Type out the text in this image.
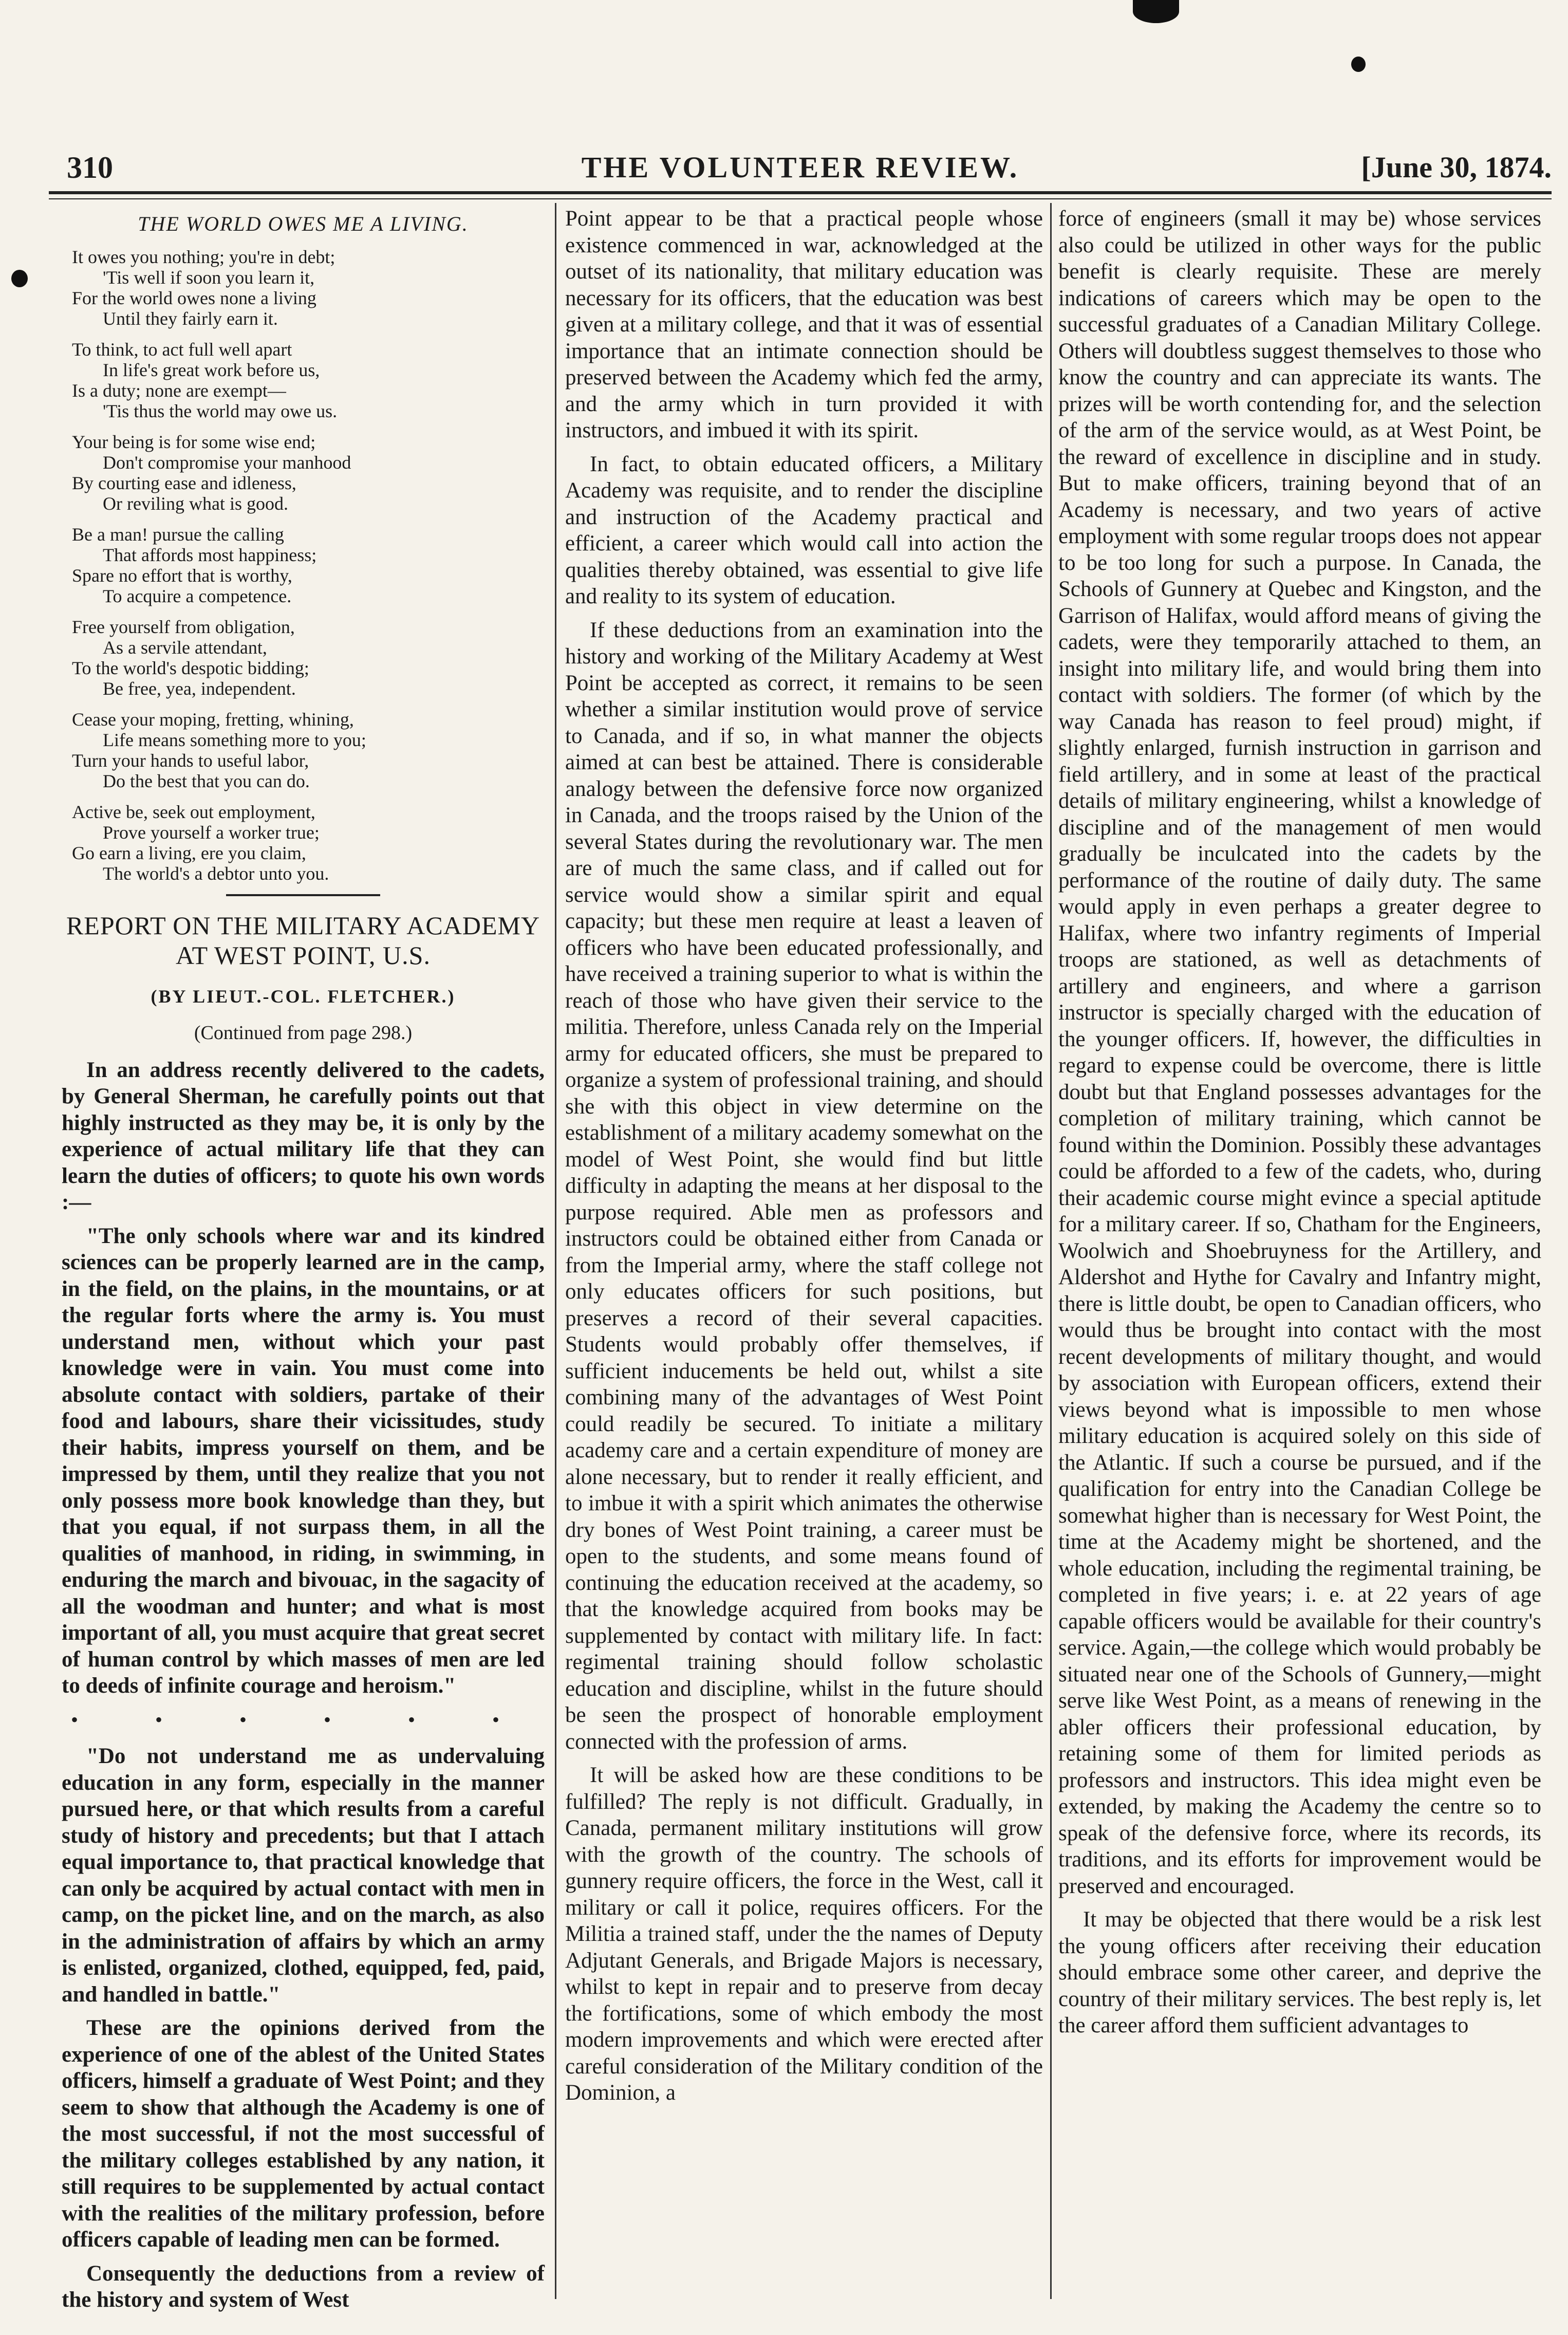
310	THE VOLUNTEER REVIEW.	[June 30, 1874.
THE WORLD OWES ME A LIVING.
It owes you nothing; you're in debt;
'Tis well if soon you learn it,
For the world owes none a living
Until they fairly earn it.
To think, to act full well apart
In life's great work before us,
Is a duty; none are exempt—
'Tis thus the world may owe us.
Your being is for some wise end;
Don't compromise your manhood
By courting ease and idleness,
Or reviling what is good.
Be a man! pursue the calling
That affords most happiness;
Spare no effort that is worthy,
To acquire a competence.
Free yourself from obligation,
As a servile attendant,
To the world's despotic bidding;
Be free, yea, independent.
Cease your moping, fretting, whining,
Life means something more to you;
Turn your hands to useful labor,
Do the best that you can do.
Active be, seek out employment,
Prove yourself a worker true;
Go earn a living, ere you claim,
The world's a debtor unto you.
REPORT ON THE MILITARY ACADEMY AT WEST POINT, U.S.
(BY LIEUT.-COL. FLETCHER.)
(Continued from page 298.)

In an address recently delivered to the cadets, by General Sherman, he carefully points out that highly instructed as they may be, it is only by the experience of actual military life that they can learn the duties of officers; to quote his own words :—

"The only schools where war and its kindred sciences can be properly learned are in the camp, in the field, on the plains, in the mountains, or at the regular forts where the army is. You must understand men, without which your past knowledge were in vain. You must come into absolute contact with soldiers, partake of their food and labours, share their vicissitudes, study their habits, impress yourself on them, and be impressed by them, until they realize that you not only possess more book knowledge than they, but that you equal, if not surpass them, in all the qualities of manhood, in riding, in swimming, in enduring the march and bivouac, in the sagacity of all the woodman and hunter; and what is most important of all, you must acquire that great secret of human control by which masses of men are led to deeds of infinite courage and heroism."

• • • • • •

"Do not understand me as undervaluing education in any form, especially in the manner pursued here, or that which results from a careful study of history and precedents; but that I attach equal importance to, that practical knowledge that can only be acquired by actual contact with men in camp, on the picket line, and on the march, as also in the administration of affairs by which an army is enlisted, organized, clothed, equipped, fed, paid, and handled in battle."

These are the opinions derived from the experience of one of the ablest of the United States officers, himself a graduate of West Point; and they seem to show that although the Academy is one of the most successful, if not the most successful of the military colleges established by any nation, it still requires to be supplemented by actual contact with the realities of the military profession, before officers capable of leading men can be formed.

Consequently the deductions from a review of the history and system of West

Point appear to be that a practical people whose existence commenced in war, acknowledged at the outset of its nationality, that military education was necessary for its officers, that the education was best given at a military college, and that it was of essential importance that an intimate connection should be preserved between the Academy which fed the army, and the army which in turn provided it with instructors, and imbued it with its spirit.

In fact, to obtain educated officers, a Military Academy was requisite, and to render the discipline and instruction of the Academy practical and efficient, a career which would call into action the qualities thereby obtained, was essential to give life and reality to its system of education.

If these deductions from an examination into the history and working of the Military Academy at West Point be accepted as correct, it remains to be seen whether a similar institution would prove of service to Canada, and if so, in what manner the objects aimed at can best be attained. There is considerable analogy between the defensive force now organized in Canada, and the troops raised by the Union of the several States during the revolutionary war. The men are of much the same class, and if called out for service would show a similar spirit and equal capacity; but these men require at least a leaven of officers who have been educated professionally, and have received a training superior to what is within the reach of those who have given their service to the militia. Therefore, unless Canada rely on the Imperial army for educated officers, she must be prepared to organize a system of professional training, and should she with this object in view determine on the establishment of a military academy somewhat on the model of West Point, she would find but little difficulty in adapting the means at her disposal to the purpose required. Able men as professors and instructors could be obtained either from Canada or from the Imperial army, where the staff college not only educates officers for such positions, but preserves a record of their several capacities. Students would probably offer themselves, if sufficient inducements be held out, whilst a site combining many of the advantages of West Point could readily be secured. To initiate a military academy care and a certain expenditure of money are alone necessary, but to render it really efficient, and to imbue it with a spirit which animates the otherwise dry bones of West Point training, a career must be open to the students, and some means found of continuing the education received at the academy, so that the knowledge acquired from books may be supplemented by contact with military life. In fact: regimental training should follow scholastic education and discipline, whilst in the future should be seen the prospect of honorable employment connected with the profession of arms.

It will be asked how are these conditions to be fulfilled? The reply is not difficult. Gradually, in Canada, permanent military institutions will grow with the growth of the country. The schools of gunnery require officers, the force in the West, call it military or call it police, requires officers. For the Militia a trained staff, under the the names of Deputy Adjutant Generals, and Brigade Majors is necessary, whilst to kept in repair and to preserve from decay the fortifications, some of which embody the most modern improvements and which were erected after careful consideration of the Military condition of the Dominion, a

force of engineers (small it may be) whose services also could be utilized in other ways for the public benefit is clearly requisite. These are merely indications of careers which may be open to the successful graduates of a Canadian Military College. Others will doubtless suggest themselves to those who know the country and can appreciate its wants. The prizes will be worth contending for, and the selection of the arm of the service would, as at West Point, be the reward of excellence in discipline and in study. But to make officers, training beyond that of an Academy is necessary, and two years of active employment with some regular troops does not appear to be too long for such a purpose. In Canada, the Schools of Gunnery at Quebec and Kingston, and the Garrison of Halifax, would afford means of giving the cadets, were they temporarily attached to them, an insight into military life, and would bring them into contact with soldiers. The former (of which by the way Canada has reason to feel proud) might, if slightly enlarged, furnish instruction in garrison and field artillery, and in some at least of the practical details of military engineering, whilst a knowledge of discipline and of the management of men would gradually be inculcated into the cadets by the performance of the routine of daily duty. The same would apply in even perhaps a greater degree to Halifax, where two infantry regiments of Imperial troops are stationed, as well as detachments of artillery and engineers, and where a garrison instructor is specially charged with the education of the younger officers. If, however, the difficulties in regard to expense could be overcome, there is little doubt but that England possesses advantages for the completion of military training, which cannot be found within the Dominion. Possibly these advantages could be afforded to a few of the cadets, who, during their academic course might evince a special aptitude for a military career. If so, Chatham for the Engineers, Woolwich and Shoebruyness for the Artillery, and Aldershot and Hythe for Cavalry and Infantry might, there is little doubt, be open to Canadian officers, who would thus be brought into contact with the most recent developments of military thought, and would by association with European officers, extend their views beyond what is impossible to men whose military education is acquired solely on this side of the Atlantic. If such a course be pursued, and if the qualification for entry into the Canadian College be somewhat higher than is necessary for West Point, the time at the Academy might be shortened, and the whole education, including the regimental training, be completed in five years; i. e. at 22 years of age capable officers would be available for their country's service. Again,—the college which would probably be situated near one of the Schools of Gunnery,—might serve like West Point, as a means of renewing in the abler officers their professional education, by retaining some of them for limited periods as professors and instructors. This idea might even be extended, by making the Academy the centre so to speak of the defensive force, where its records, its traditions, and its efforts for improvement would be preserved and encouraged.

It may be objected that there would be a risk lest the young officers after receiving their education should embrace some other career, and deprive the country of their military services. The best reply is, let the career afford them sufficient advantages to
